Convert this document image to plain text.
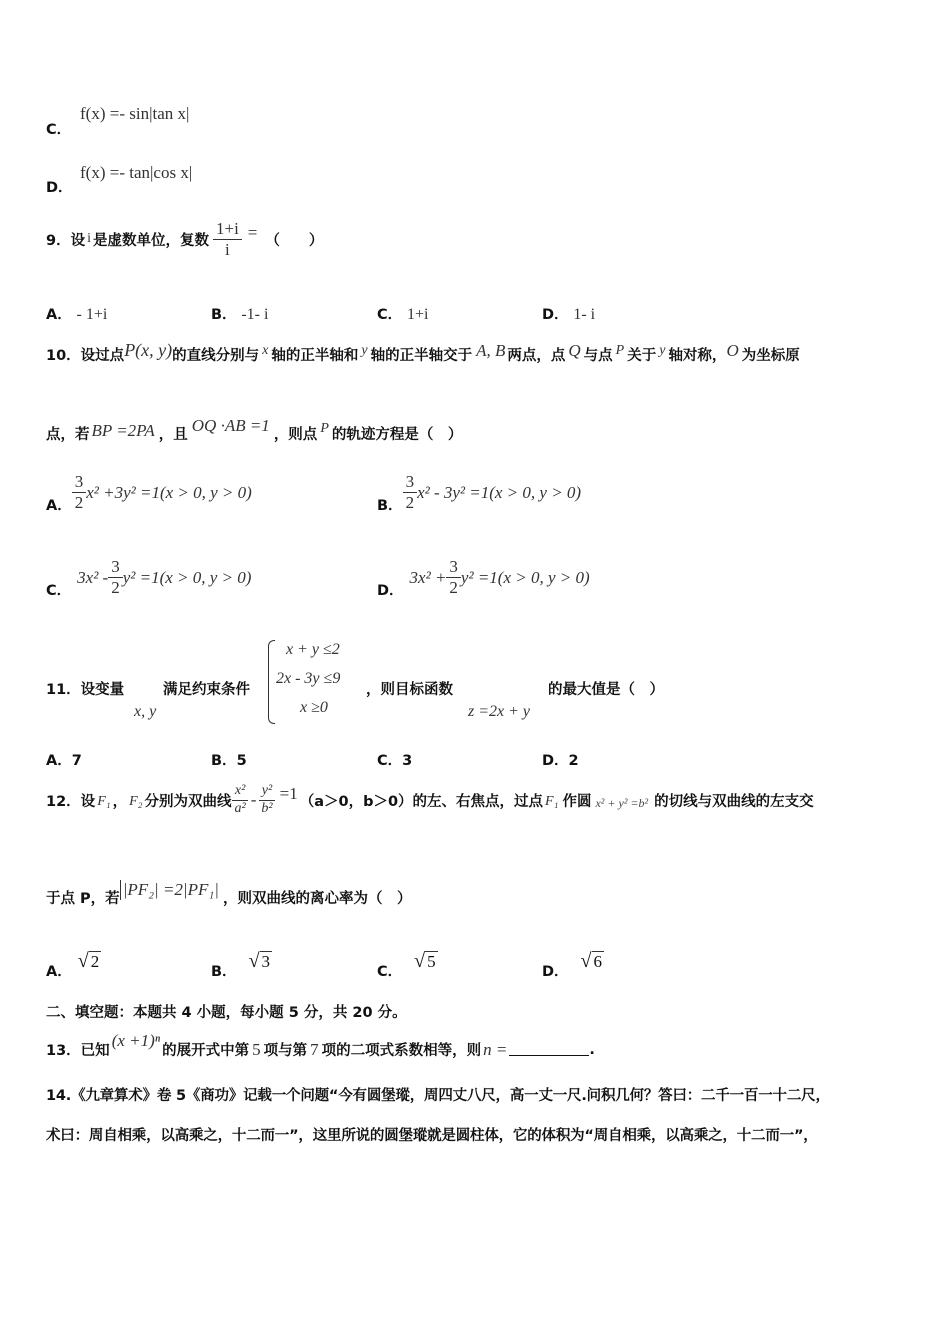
C．
f(x) =- sin|tan x|
D．
f(x) =- tan|cos x|
9．设 i 是虚数单位，复数 $\frac{1+i}{i}$ = （　　）
A． - 1+i	B． -1- i	C． 1+i	D． 1- i
10．设过点 P(x, y) 的直线分别与 x 轴的正半轴和 y 轴的正半轴交于 A, B 两点，点 Q 与点 P 关于 y 轴对称， O 为坐标原
点，若 BP =2PA ，且 OQ ·AB =1 ，则点 P 的轨迹方程是（　）
A． $\frac{3}{2} x^2 +3y^2 =1(x > 0$, y > 0)
B． $\frac{3}{2} x^2 - 3y^2 =1(x > 0$, y > 0)
C．
$3x^2 - \frac{3}{2} y^2 =1(x > 0$, y > 0)
D．
$3x^2 + \frac{3}{2} y^2 =1(x > 0$, y > 0)
11．设变量
x, y
满足约束条件
x + y ≤2
2x - 3y ≤9
x ≥0
，则目标函数
z =2x + y
的最大值是（　）
A．7	B．5	C．3	D．2
12．设 F₁ ， F₂ 分别为双曲线 $\frac{\text{x²}}{\text{a²}} - \frac{\text{y²}}{\text{b²}} =1$ （a＞0，b＞0）的左、右焦点，过点 F₁ 作圆 x² + y² =b² 的切线与双曲线的左支交
于点 P，若 |PF₂| =2|PF₁| ，则双曲线的离心率为（　）
A．
√ 2
B．
√ 3
C．
√ 5
D．
√ 6
二、填空题：本题共 4 小题，每小题 5 分，共 20 分。
13．已知
(x +1)ⁿ
的展开式中第 5 项与第 7 项的二项式系数相等，则 n =	.
14.《九章算术》卷 5《商功》记载一个问题“今有圆堡瑽，周四丈八尺，高一丈一尺.问积几何？答曰：二千一百一十二尺，
术曰：周自相乘，以高乘之，十二而一”，这里所说的圆堡瑽就是圆柱体，它的体积为“周自相乘，以高乘之，十二而一”，
